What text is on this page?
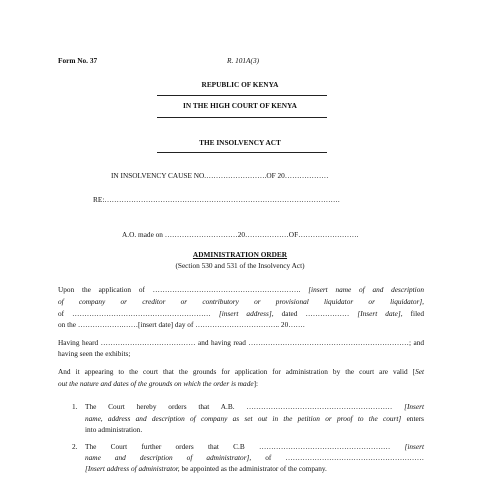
Form No. 37	R. 101A(3)
REPUBLIC OF KENYA
IN THE HIGH COURT OF KENYA
THE INSOLVENCY ACT
IN INSOLVENCY CAUSE NO.…………………….OF 20………………
RE:…………………………………………………………………………………….
A.O. made on …………………………20………………OF…………………….
ADMINISTRATION ORDER
(Section 530 and 531 of the Insolvency Act)
Upon the application of ……………………………………………………. [insert name of and description
of company or creditor or contributory or provisional liquidator or liquidator],
of ………………………………………………… [insert address], dated ……………… [Insert date], filed
on the ……………….……[insert date] day of …………………………….. 20…….
Having heard ………………………………… and having read …………………………………………………………; and
having seen the exhibits;
And it appearing to the court that the grounds for application for administration by the court are valid [Set
out the nature and dates of the grounds on which the order is made]:
1. The Court hereby orders that A.B. …………………………………………………… [Insert
name, address and description of company as set out in the petition or proof to the court] enters
into administration.
2. The Court further orders that C.B ……………………………………………… [insert
name and description of administrator], of …………………………………………………
[Insert address of administrator, be appointed as the administrator of the company.
